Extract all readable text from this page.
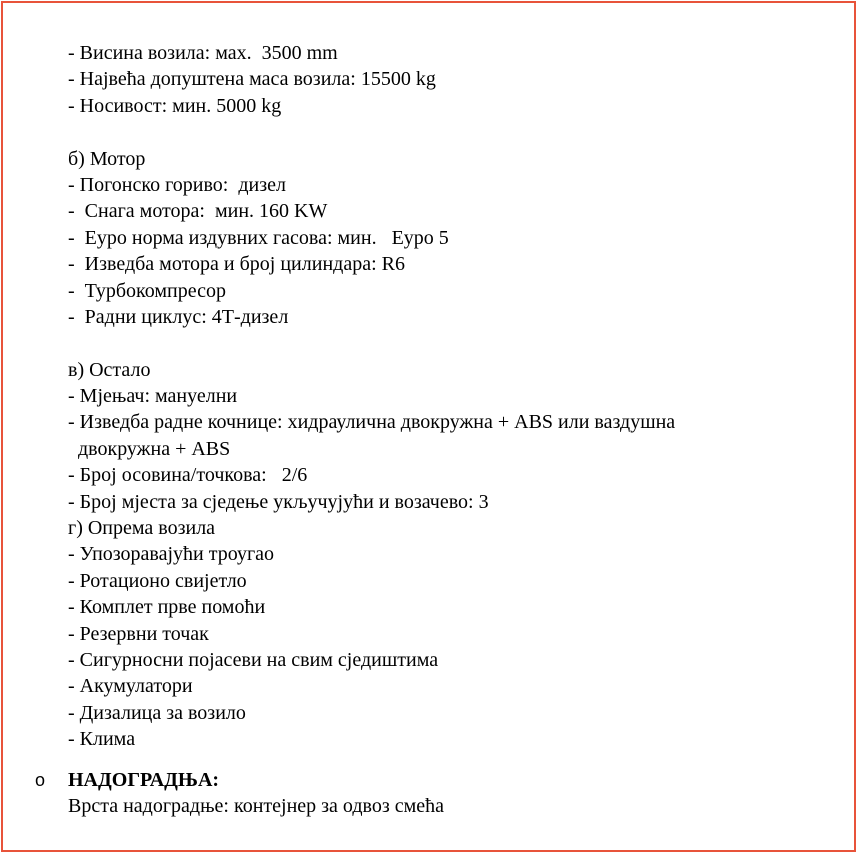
- Висина возила: мах.  3500 mm
- Највећа допуштена маса возила: 15500 kg
- Носивост: мин. 5000 kg
б) Мотор
- Погонско гориво:  дизел
-  Снага мотора:  мин. 160 KW
-  Еуро норма издувних гасова: мин.   Еуро 5
-  Изведба мотора и број цилиндара: R6
-  Турбокомпресор
-  Радни циклус: 4Т-дизел
в) Остало
- Мјењач: мануелни
- Изведба радне кочнице: хидраулична двокружна + ABS или ваздушна
двокружна + ABS
- Број осовина/точкова:   2/6
- Број мјеста за сједење укључујући и возачево: 3
г) Опрема возила
- Упозоравајући троугао
- Ротационо свијетло
- Комплет прве помоћи
- Резервни точак
- Сигурносни појасеви на свим сједиштима
- Акумулатори
- Дизалица за возило
- Клима
o НАДОГРАДЊА:
Врста надоградње: контејнер за одвоз смећа
